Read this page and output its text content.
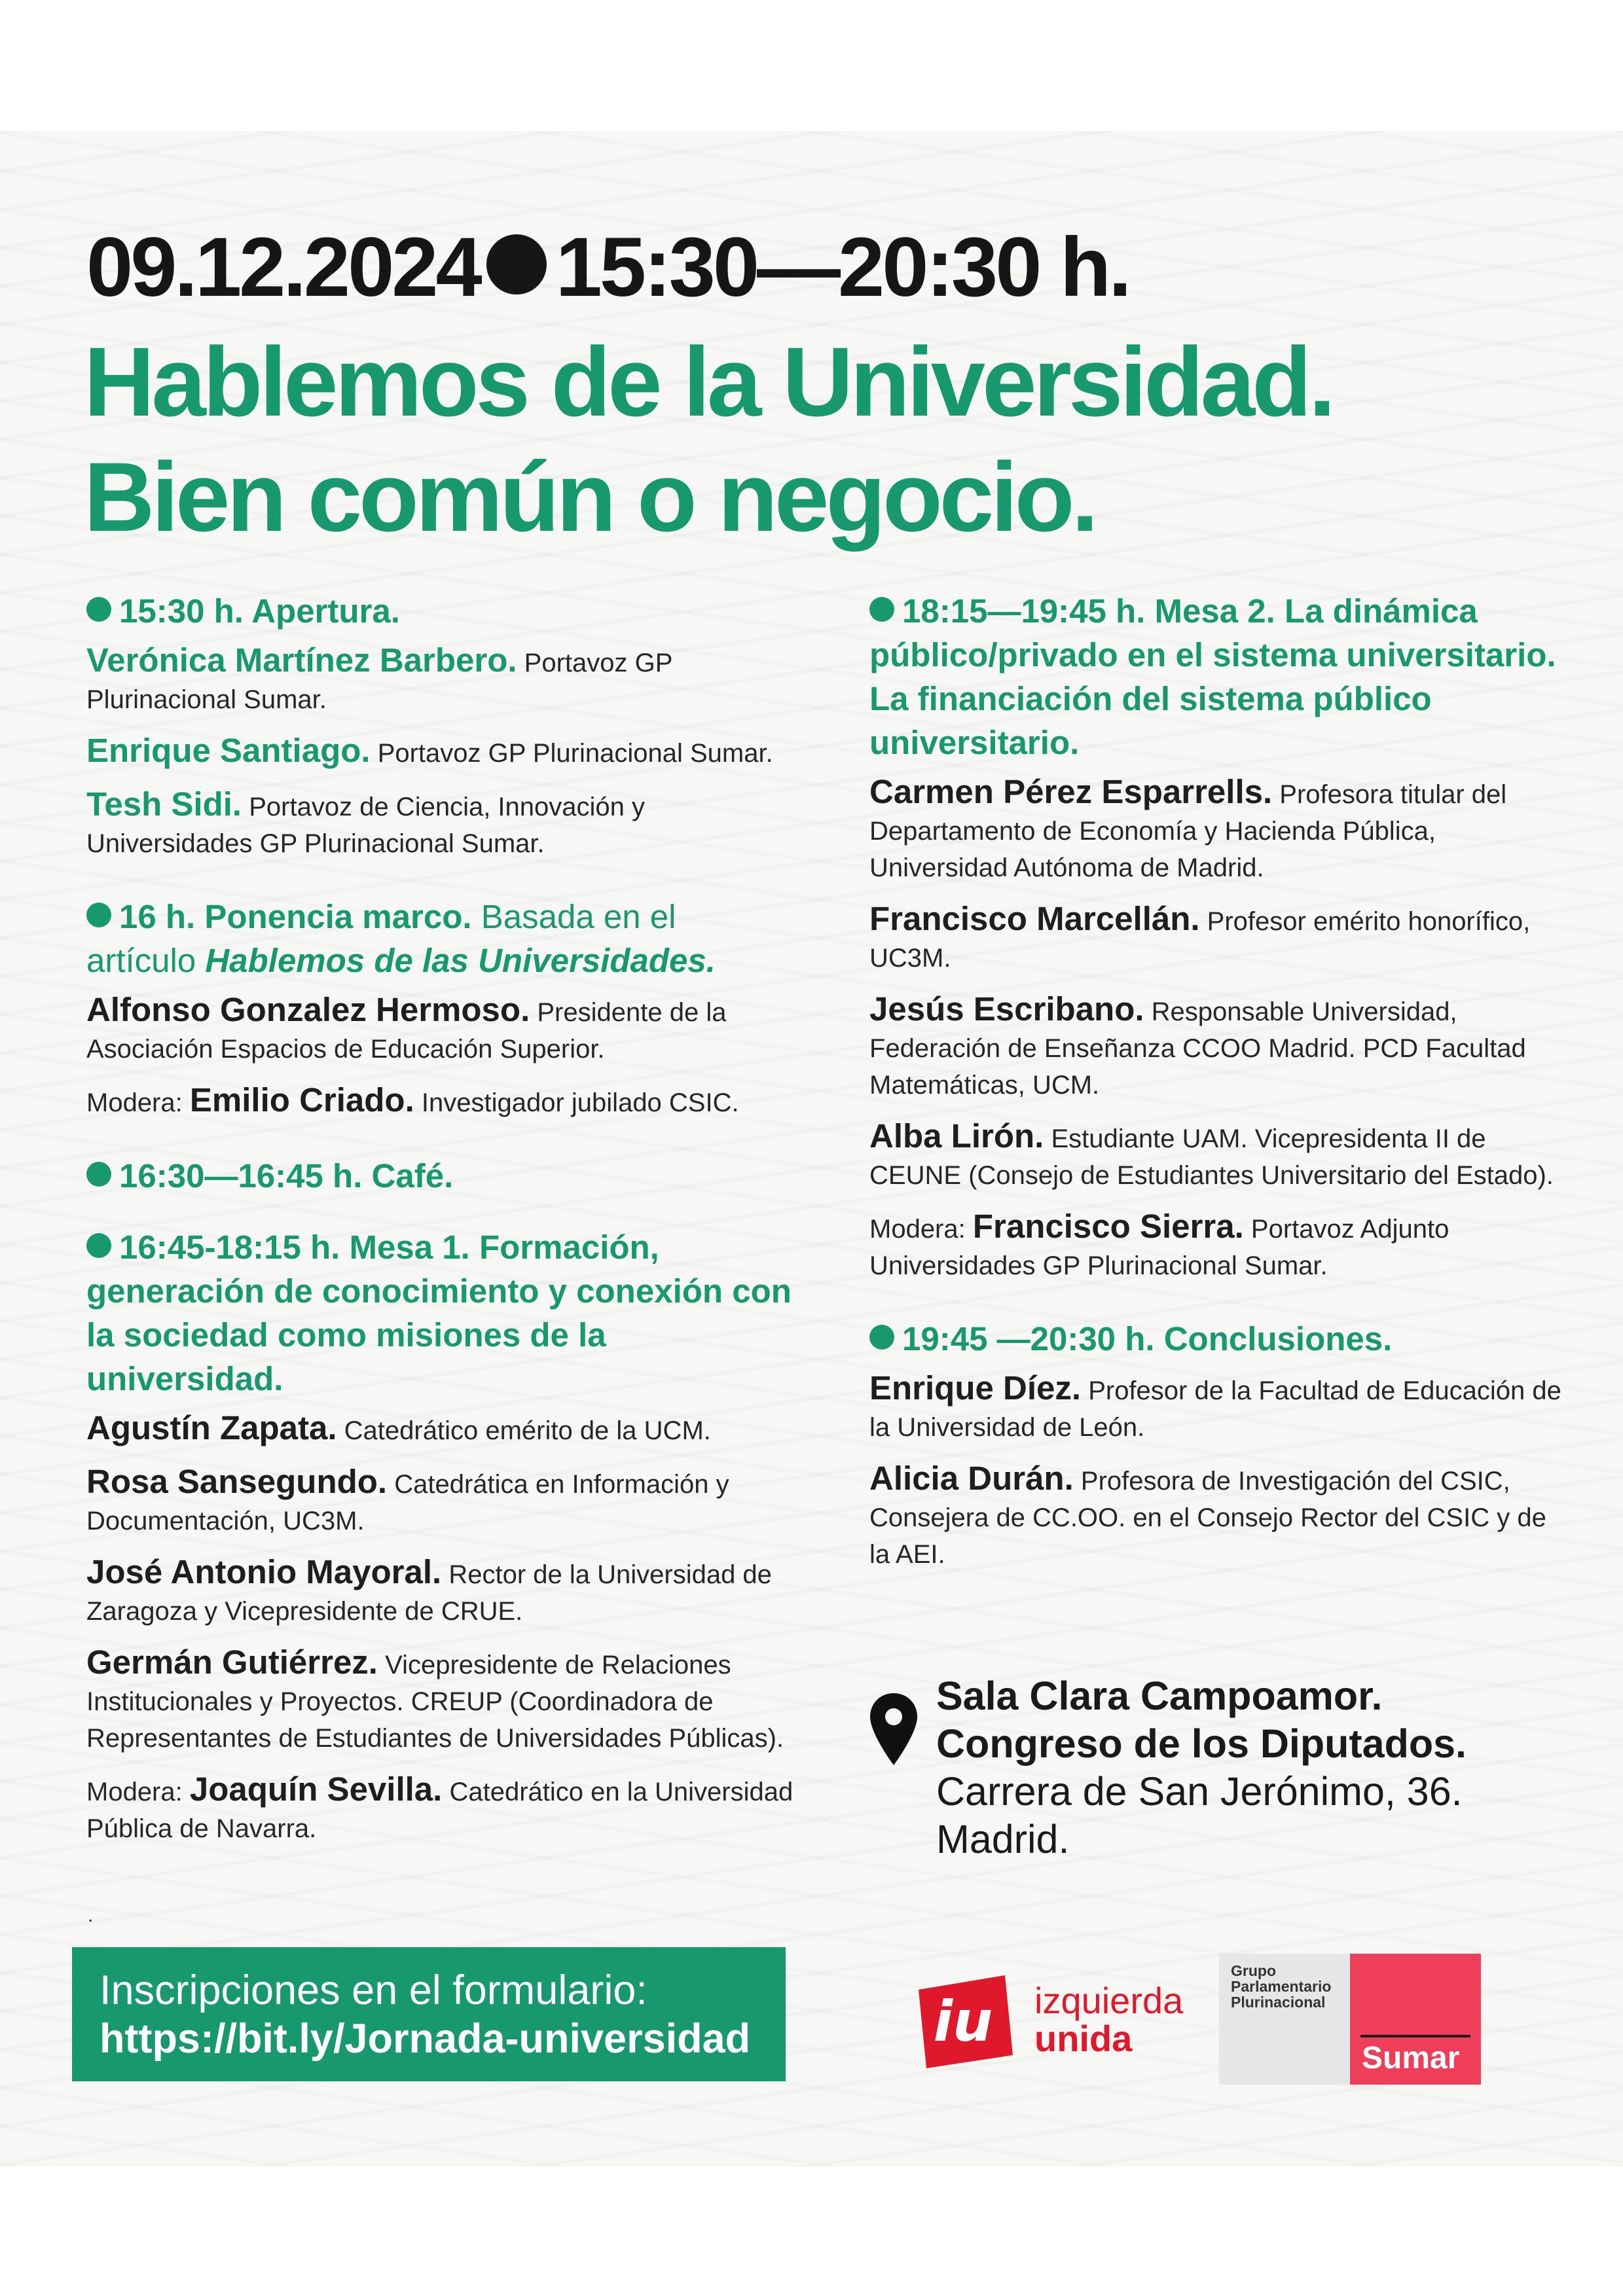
09.12.2024 15:30—20:30 h.
Hablemos de la Universidad.
Bien común o negocio.
15:30 h. Apertura.
Verónica Martínez Barbero. Portavoz GP Plurinacional Sumar.
Enrique Santiago. Portavoz GP Plurinacional Sumar.
Tesh Sidi. Portavoz de Ciencia, Innovación y Universidades GP Plurinacional Sumar.
16 h. Ponencia marco. Basada en el artículo Hablemos de las Universidades.
Alfonso Gonzalez Hermoso. Presidente de la Asociación Espacios de Educación Superior.
Modera: Emilio Criado. Investigador jubilado CSIC.
16:30—16:45 h. Café.
16:45-18:15 h. Mesa 1. Formación, generación de conocimiento y conexión con la sociedad como misiones de la universidad.
Agustín Zapata. Catedrático emérito de la UCM.
Rosa Sansegundo. Catedrática en Información y Documentación, UC3M.
José Antonio Mayoral. Rector de la Universidad de Zaragoza y Vicepresidente de CRUE.
Germán Gutiérrez. Vicepresidente de Relaciones Institucionales y Proyectos. CREUP (Coordinadora de Representantes de Estudiantes de Universidades Públicas).
Modera: Joaquín Sevilla. Catedrático en la Universidad Pública de Navarra.
.
18:15—19:45 h. Mesa 2. La dinámica público/privado en el sistema universitario. La financiación del sistema público universitario.
Carmen Pérez Esparrells. Profesora titular del Departamento de Economía y Hacienda Pública, Universidad Autónoma de Madrid.
Francisco Marcellán. Profesor emérito honorífico, UC3M.
Jesús Escribano. Responsable Universidad, Federación de Enseñanza CCOO Madrid. PCD Facultad Matemáticas, UCM.
Alba Lirón. Estudiante UAM. Vicepresidenta II de CEUNE (Consejo de Estudiantes Universitario del Estado).
Modera: Francisco Sierra. Portavoz Adjunto Universidades GP Plurinacional Sumar.
19:45 —20:30 h. Conclusiones.
Enrique Díez. Profesor de la Facultad de Educación de la Universidad de León.
Alicia Durán. Profesora de Investigación del CSIC, Consejera de CC.OO. en el Consejo Rector del CSIC y de la AEI.
Sala Clara Campoamor.
Congreso de los Diputados.
Carrera de San Jerónimo, 36.
Madrid.
Inscripciones en el formulario:
https://bit.ly/Jornada-universidad	iu izquierda
unida
Grupo
Parlamentario
Plurinacional
Sumar
